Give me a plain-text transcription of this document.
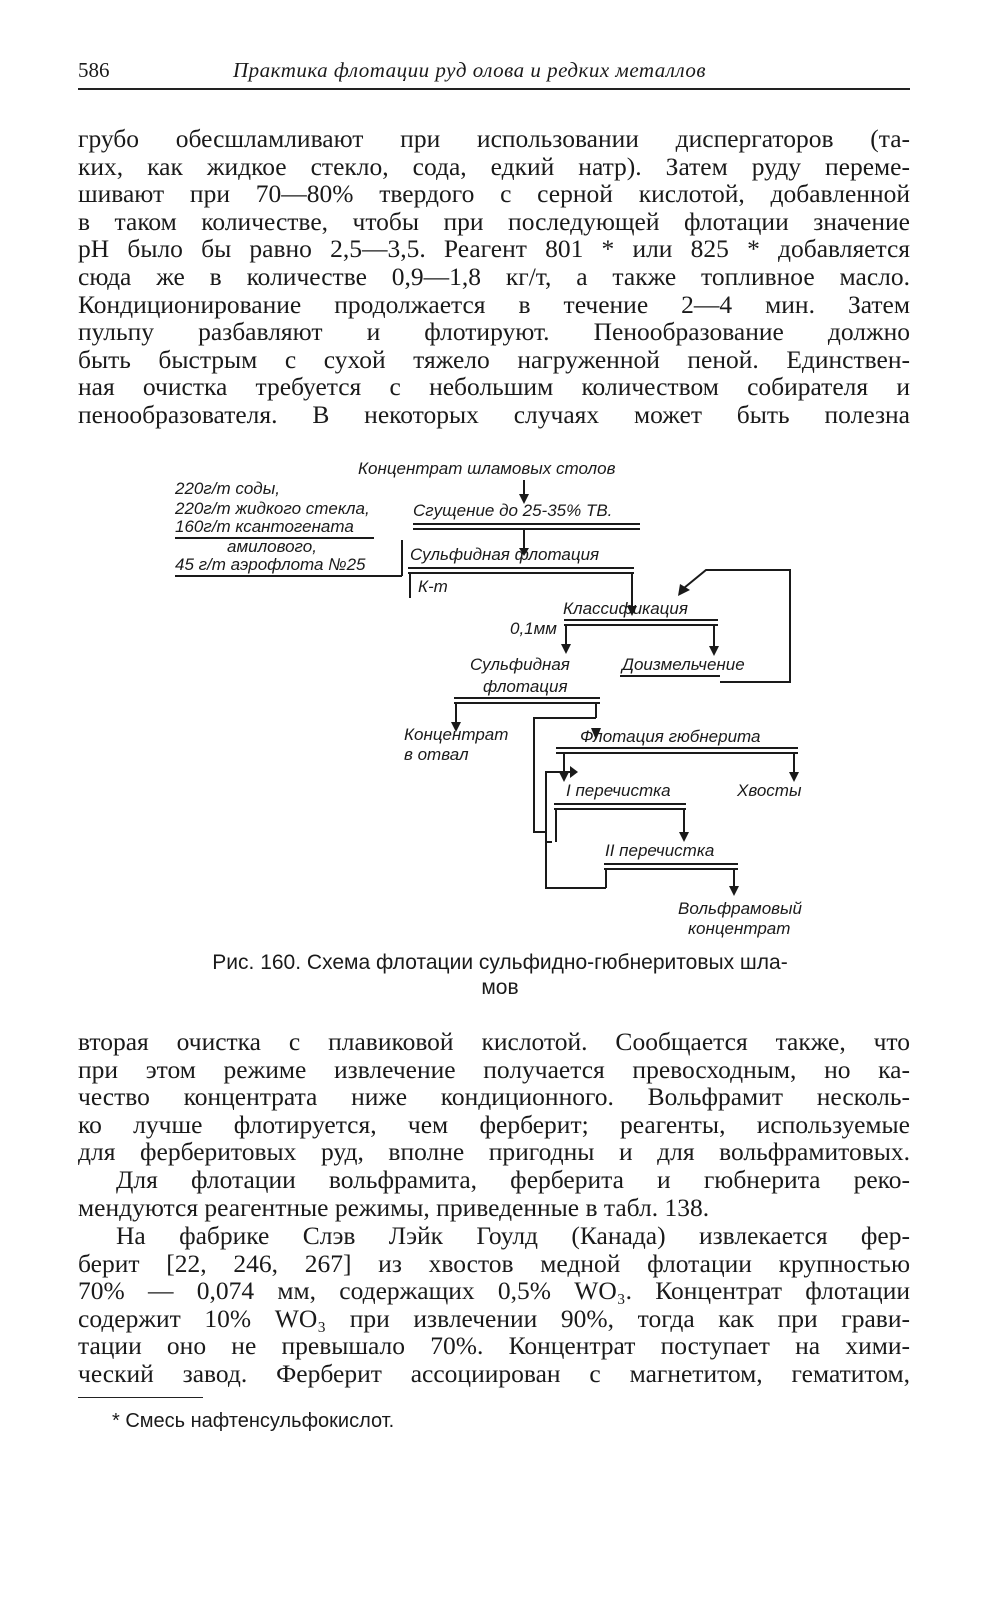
586	Практика флотации руд олова и редких металлов
грубо обесшламливают при использовании диспергаторов (та-
ких, как жидкое стекло, сода, едкий натр). Затем руду переме-
шивают при 70—80% твердого с серной кислотой, добавленной
в таком количестве, чтобы при последующей флотации значение
pH было бы равно 2,5—3,5. Реагент 801 * или 825 * добавляется
сюда же в количестве 0,9—1,8 кг/т, а также топливное масло.
Кондиционирование продолжается в течение 2—4 мин. Затем
пульпу разбавляют и флотируют. Пенообразование должно
быть быстрым с сухой тяжело нагруженной пеной. Единствен-
ная очистка требуется с небольшим количеством собирателя и
пенообразователя. В некоторых случаях может быть полезна
Концентрат шламовых столов
220г/т соды,
220г/т жидкого стекла,
160г/т ксантогената
амилового,
45 г/т аэрофлота №25
Сгущение до 25-35% ТВ.
Сульфидная флотация
К-т
Классификация
0,1мм
Сульфидная
флотация
Доизмельчение
Концентрат
в отвал
Флотация гюбнерита
I перечистка	Хвосты
II перечистка
Вольфрамовый
концентрат
Рис. 160. Схема флотации сульфидно-гюбнеритовых шла-
мов
вторая очистка с плавиковой кислотой. Сообщается также, что
при этом режиме извлечение получается превосходным, но ка-
чество концентрата ниже кондиционного. Вольфрамит несколь-
ко лучше флотируется, чем ферберит; реагенты, используемые
для ферберитовых руд, вполне пригодны и для вольфрамитовых.
Для флотации вольфрамита, ферберита и гюбнерита реко-
мендуются реагентные режимы, приведенные в табл. 138.
На фабрике Слэв Лэйк Гоулд (Канада) извлекается фер-
берит [22, 246, 267] из хвостов медной флотации крупностью
70% — 0,074 мм, содержащих 0,5% WO₃. Концентрат флотации
содержит 10% WO₃ при извлечении 90%, тогда как при грави-
тации оно не превышало 70%. Концентрат поступает на хими-
ческий завод. Ферберит ассоциирован с магнетитом, гематитом,
* Смесь нафтенсульфокислот.
